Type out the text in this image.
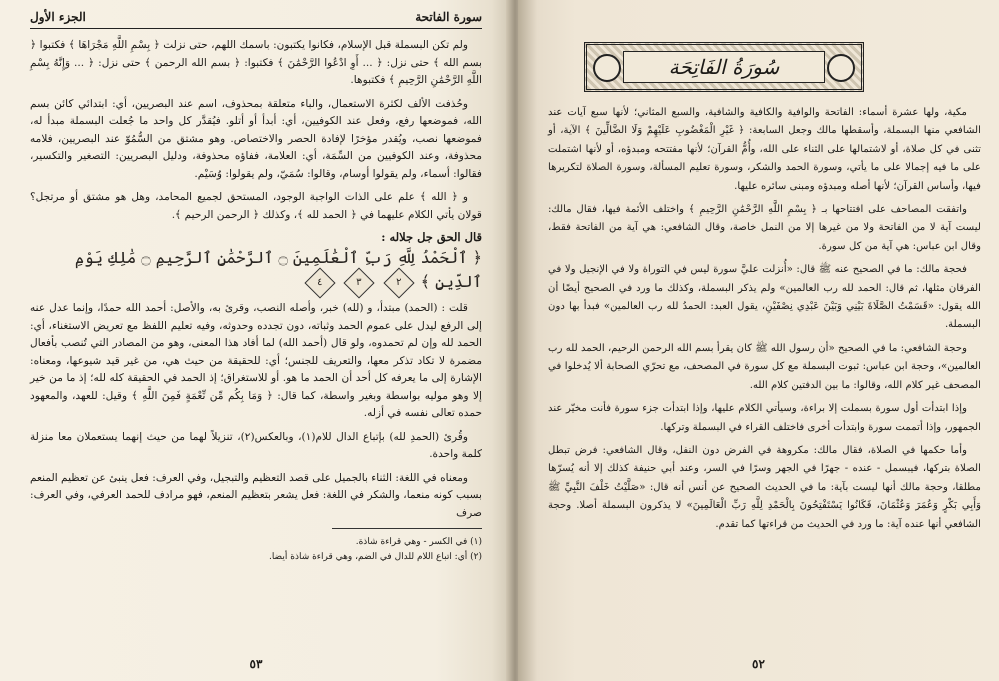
سورة الفاتحة
الجزء الأول

ولم تكن البسملة قبل الإسلام، فكانوا يكتبون: باسمك اللهم، حتى نزلت ﴿ بِسْمِ اللَّهِ مَجْرَاهَا ﴾ فكتبوا ﴿ بسم الله ﴾ حتى نزل: ﴿ ... أَوِ ادْعُوا الرَّحْمَٰنَ ﴾ فكتبوا: ﴿ بسم الله الرحمن ﴾ حتى نزل: ﴿ ... وَإِنَّهُ بِسْمِ اللَّهِ الرَّحْمَٰنِ الرَّحِيمِ ﴾ فكتبوها.

وحُذفت الألف لكثرة الاستعمال، والباء متعلقة بمحذوف، اسم عند البصريين، أي: ابتدائي كائن بسم الله، فموضعها رفع، وفعل عند الكوفيين، أي: أبدأ أو أتلو. فيُقدَّر كل واحد ما جُعلت البسملة مبدأ له، فموضعها نصب، ويُقدر مؤخرًا لإفادة الحصر والاختصاص. وهو مشتق من السُّمُوّ عند البصريين، فلامه محذوفة، وعند الكوفيين من السِّمَة، أي: العلامة، ففاؤه محذوفة، ودليل البصريين: التصغير والتكسير، فقالوا: أسماء، ولم يقولوا أوسام، وقالوا: سُمَيّ، ولم يقولوا: وُسَيْم.

و ﴿ الله ﴾ علم على الذات الواجبة الوجود، المستحق لجميع المحامد، وهل هو مشتق أو مرتجل؟ قولان يأتي الكلام عليهما في ﴿ الحمد لله ﴾، وكذلك ﴿ الرحمن الرحيم ﴾.

قال الحق جل جلاله :
﴿ ٱلْحَمْدُ لِلَّهِ رَبِّ ٱلْعَٰلَمِينَ ۝ ٱلرَّحْمَٰنِ ٱلرَّحِيمِ ۝ مَٰلِكِ يَوْمِ ٱلدِّينِ ﴾ ٢ ٣ ٤

قلت : (الحمد) مبتدأ، و (لله) خبر، وأصله النصب، وقرئ به، والأصل: أحمد الله حمدًا، وإنما عدل عنه إلى الرفع ليدل على عموم الحمد وثباته، دون تجدده وحدوثه، وفيه تعليم اللفظ مع تعريض الاستغناء، أي: الحمد لله وإن لم تحمدوه، ولو قال (أحمد الله) لما أفاد هذا المعنى، وهو من المصادر التي تُنصب بأفعال مضمرة لا تكاد تذكر معها، والتعريف للجنس؛ أي: للحقيقة من حيث هي، من غير قيد شيوعها، ومعناه: الإشارة إلى ما يعرفه كل أحد أن الحمد ما هو. أو للاستغراق؛ إذ الحمد في الحقيقة كله لله؛ إذ ما من خير إلا وهو موليه بواسطة وبغير واسطة، كما قال: ﴿ وَمَا بِكُم مِّن نِّعْمَةٍ فَمِنَ اللَّهِ ﴾ وقيل: للعهد، والمعهود حمده تعالى نفسه في أزله.

وقُرئ (الحمدِ لله) بإتباع الدال للام(١)، وبالعكس(٢)، تنزيلاً لهما من حيث إنهما يستعملان معا منزلة كلمة واحدة.

ومعناه في اللغة: الثناء بالجميل على قصد التعظيم والتبجيل، وفي العرف: فعل ينبئ عن تعظيم المنعم بسبب كونه منعما، والشكر في اللغة: فعل يشعر بتعظيم المنعم، فهو مرادف للحمد العرفي، وفي العرف: صرف

(١) في الكسر - وهي قراءة شاذة.
(٢) أي: اتباع اللام للدال في الضم، وهي قراءة شاذة أيضا.
٥٣
سُورَةُ الفَاتِحَة

مكية، ولها عشرة أسماء: الفاتحة والوافية والكافية والشافية، والسبع المثاني؛ لأنها سبع آيات عند الشافعي منها البسملة، وأسقطها مالك وجعل السابعة: ﴿ غَيْرِ الْمَغْضُوبِ عَلَيْهِمْ وَلَا الضَّالِّينَ ﴾ الآية، أو تثنى في كل صلاة، أو لاشتمالها على الثناء على الله، وأُمُّ القرآن؛ لأنها مفتتحه ومبدؤه، أو لأنها اشتملت على ما فيه إجمالا على ما يأتي، وسورة الحمد والشكر، وسورة تعليم المسألة، وسورة الصلاة لتكريرها فيها، وأساس القرآن؛ لأنها أصله ومبدؤه ومبنى سائره عليها.

واتفقت المصاحف على افتتاحها بـ ﴿ بِسْمِ اللَّهِ الرَّحْمَٰنِ الرَّحِيمِ ﴾ واختلف الأئمة فيها، فقال مالك: ليست آية لا من الفاتحة ولا من غيرها إلا من النمل خاصة، وقال الشافعي: هي آية من الفاتحة فقط، وقال ابن عباس: هي آية من كل سورة.

فحجة مالك: ما في الصحيح عنه ﷺ قال: «أُنزلت عليَّ سورة ليس في التوراة ولا في الإنجيل ولا في الفرقان مثلها، ثم قال: الحمد لله رب العالمين» ولم يذكر البسملة، وكذلك ما ورد في الصحيح أيضًا أن الله يقول: «قَسَمْتُ الصَّلَاةَ بَيْنِي وَبَيْنَ عَبْدِي نِصْفَيْنِ، يقول العبد: الحمدُ لله رب العالمين» فبدأ بها دون البسملة.

وحجة الشافعي: ما في الصحيح «أن رسول الله ﷺ كان يقرأ بسم الله الرحمن الرحيم، الحمد لله رب العالمين»، وحجة ابن عباس: ثبوت البسملة مع كل سورة في المصحف، مع تحرّي الصحابة ألا يُدخلوا في المصحف غير كلام الله، وقالوا: ما بين الدفتين كلام الله.

وإذا ابتدأت أول سورة بسملت إلا براءة، وسيأتي الكلام عليها، وإذا ابتدأت جزء سورة فأنت مخيّر عند الجمهور، وإذا أتممت سورة وابتدأت أخرى فاختلف القراء في البسملة وتركها.

وأما حكمها في الصلاة، فقال مالك: مكروهة في الفرض دون النفل، وقال الشافعي: فرض تبطل الصلاة بتركها، فيبسمل - عنده - جهرًا في الجهر وسرًا في السر، وعند أبي حنيفة كذلك إلا أنه يُسرّها مطلقا، وحجة مالك أنها ليست بآية: ما في الحديث الصحيح عن أنس أنه قال: «صَلَّيْتُ خَلْفَ النَّبِيِّ ﷺ وَأَبِي بَكْرٍ وَعُمَرَ وَعُثْمَانَ، فَكَانُوا يَسْتَفْتِحُونَ بِالْحَمْدِ لِلَّهِ رَبِّ الْعَالَمِينَ» لا يذكرون البسملة أصلا. وحجة الشافعي أنها عنده آية: ما ورد في الحديث من قراءتها كما تقدم.

٥٢
